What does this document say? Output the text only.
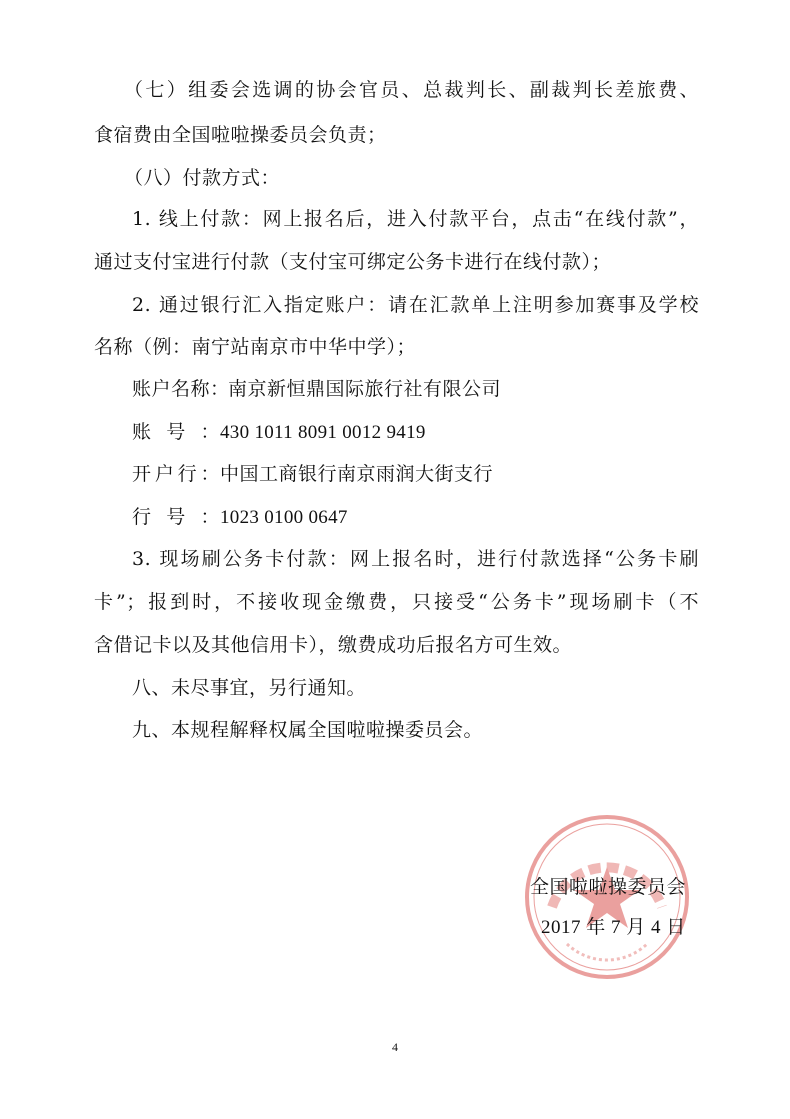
（七）组委会选调的协会官员、总裁判长、副裁判长差旅费、
食宿费由全国啦啦操委员会负责；
（八）付款方式：
1. 线上付款：网上报名后，进入付款平台，点击“在线付款”，
通过支付宝进行付款（支付宝可绑定公务卡进行在线付款）；
2. 通过银行汇入指定账户：请在汇款单上注明参加赛事及学校
名称（例：南宁站南京市中华中学）；
账户名称：南京新恒鼎国际旅行社有限公司
账号：430 1011 8091 0012 9419
开户行：中国工商银行南京雨润大街支行
行号：1023 0100 0647
3. 现场刷公务卡付款：网上报名时，进行付款选择“公务卡刷
卡”；报到时，不接收现金缴费，只接受“公务卡”现场刷卡（不
含借记卡以及其他信用卡），缴费成功后报名方可生效。
八、未尽事宜，另行通知。
九、本规程解释权属全国啦啦操委员会。
全国啦啦操委员会
2017 年 7 月 4 日
4
